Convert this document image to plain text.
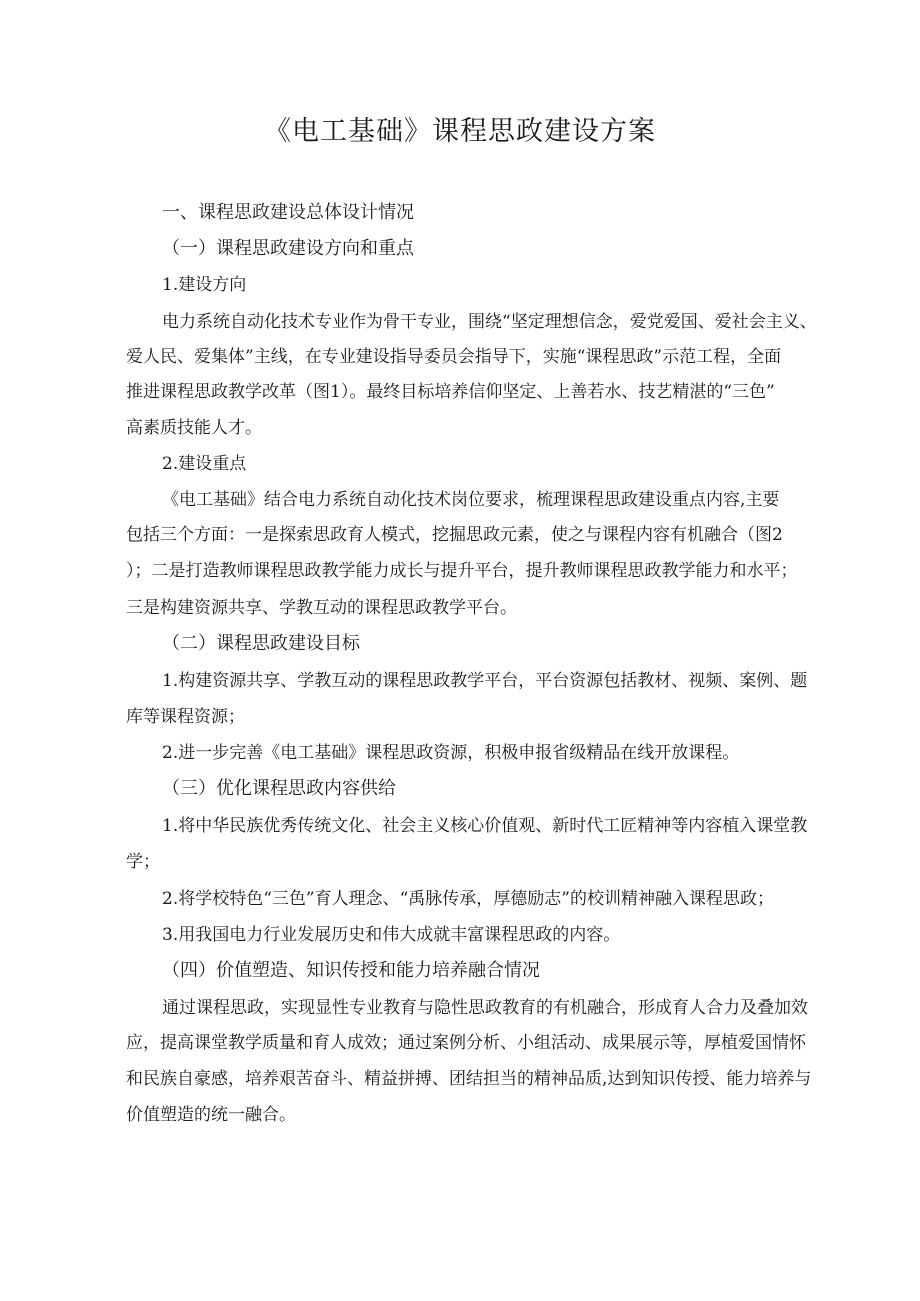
《电工基础》课程思政建设方案

一、课程思政建设总体设计情况

（一）课程思政建设方向和重点

1.建设方向

电力系统自动化技术专业作为骨干专业，围绕“坚定理想信念，爱党爱国、爱社会主义、

爱人民、爱集体”主线，在专业建设指导委员会指导下，实施“课程思政”示范工程，全面

推进课程思政教学改革（图1）。最终目标培养信仰坚定、上善若水、技艺精湛的“三色”

高素质技能人才。

2.建设重点

《电工基础》结合电力系统自动化技术岗位要求，梳理课程思政建设重点内容,主要

包括三个方面：一是探索思政育人模式，挖掘思政元素，使之与课程内容有机融合（图2

）；二是打造教师课程思政教学能力成长与提升平台，提升教师课程思政教学能力和水平；

三是构建资源共享、学教互动的课程思政教学平台。

（二）课程思政建设目标

1.构建资源共享、学教互动的课程思政教学平台，平台资源包括教材、视频、案例、题

库等课程资源；

2.进一步完善《电工基础》课程思政资源，积极申报省级精品在线开放课程。

（三）优化课程思政内容供给

1.将中华民族优秀传统文化、社会主义核心价值观、新时代工匠精神等内容植入课堂教

学；

2.将学校特色“三色”育人理念、“禹脉传承，厚德励志”的校训精神融入课程思政；

3.用我国电力行业发展历史和伟大成就丰富课程思政的内容。

（四）价值塑造、知识传授和能力培养融合情况

通过课程思政，实现显性专业教育与隐性思政教育的有机融合，形成育人合力及叠加效

应，提高课堂教学质量和育人成效；通过案例分析、小组活动、成果展示等，厚植爱国情怀

和民族自豪感，培养艰苦奋斗、精益拼搏、团结担当的精神品质,达到知识传授、能力培养与

价值塑造的统一融合。
